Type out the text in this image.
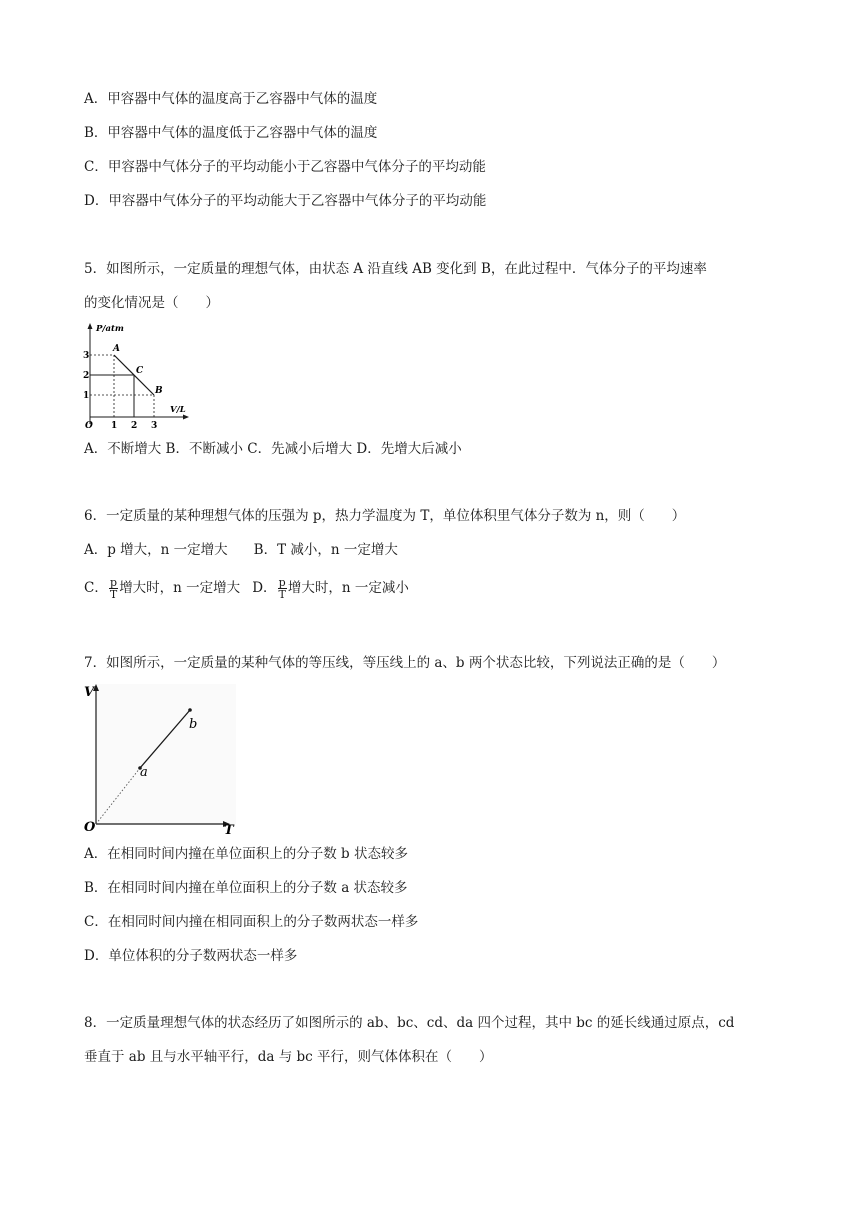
A．甲容器中气体的温度高于乙容器中气体的温度
B．甲容器中气体的温度低于乙容器中气体的温度
C．甲容器中气体分子的平均动能小于乙容器中气体分子的平均动能
D．甲容器中气体分子的平均动能大于乙容器中气体分子的平均动能
5．如图所示，一定质量的理想气体，由状态 A 沿直线 AB 变化到 B，在此过程中．气体分子的平均速率
的变化情况是（　　）
P/atm
V/L
O
3
2
1
1 2 3
A
C
B
A．不断增大 B．不断减小 C．先减小后增大 D．先增大后减小
6．一定质量的某种理想气体的压强为 p，热力学温度为 T，单位体积里气体分子数为 n，则（　　）
A．p 增大，n 一定增大 B．T 减小，n 一定增大
C． $\frac{p}{T}$ 增大时，n 一定增大 D． $\frac{p}{T}$ 增大时，n 一定减小
7．如图所示，一定质量的某种气体的等压线，等压线上的 a、b 两个状态比较，下列说法正确的是（　　）
V
T
O
a
b
A．在相同时间内撞在单位面积上的分子数 b 状态较多
B．在相同时间内撞在单位面积上的分子数 a 状态较多
C．在相同时间内撞在相同面积上的分子数两状态一样多
D．单位体积的分子数两状态一样多
8．一定质量理想气体的状态经历了如图所示的 ab、bc、cd、da 四个过程，其中 bc 的延长线通过原点，cd
垂直于 ab 且与水平轴平行，da 与 bc 平行，则气体体积在（　　）
